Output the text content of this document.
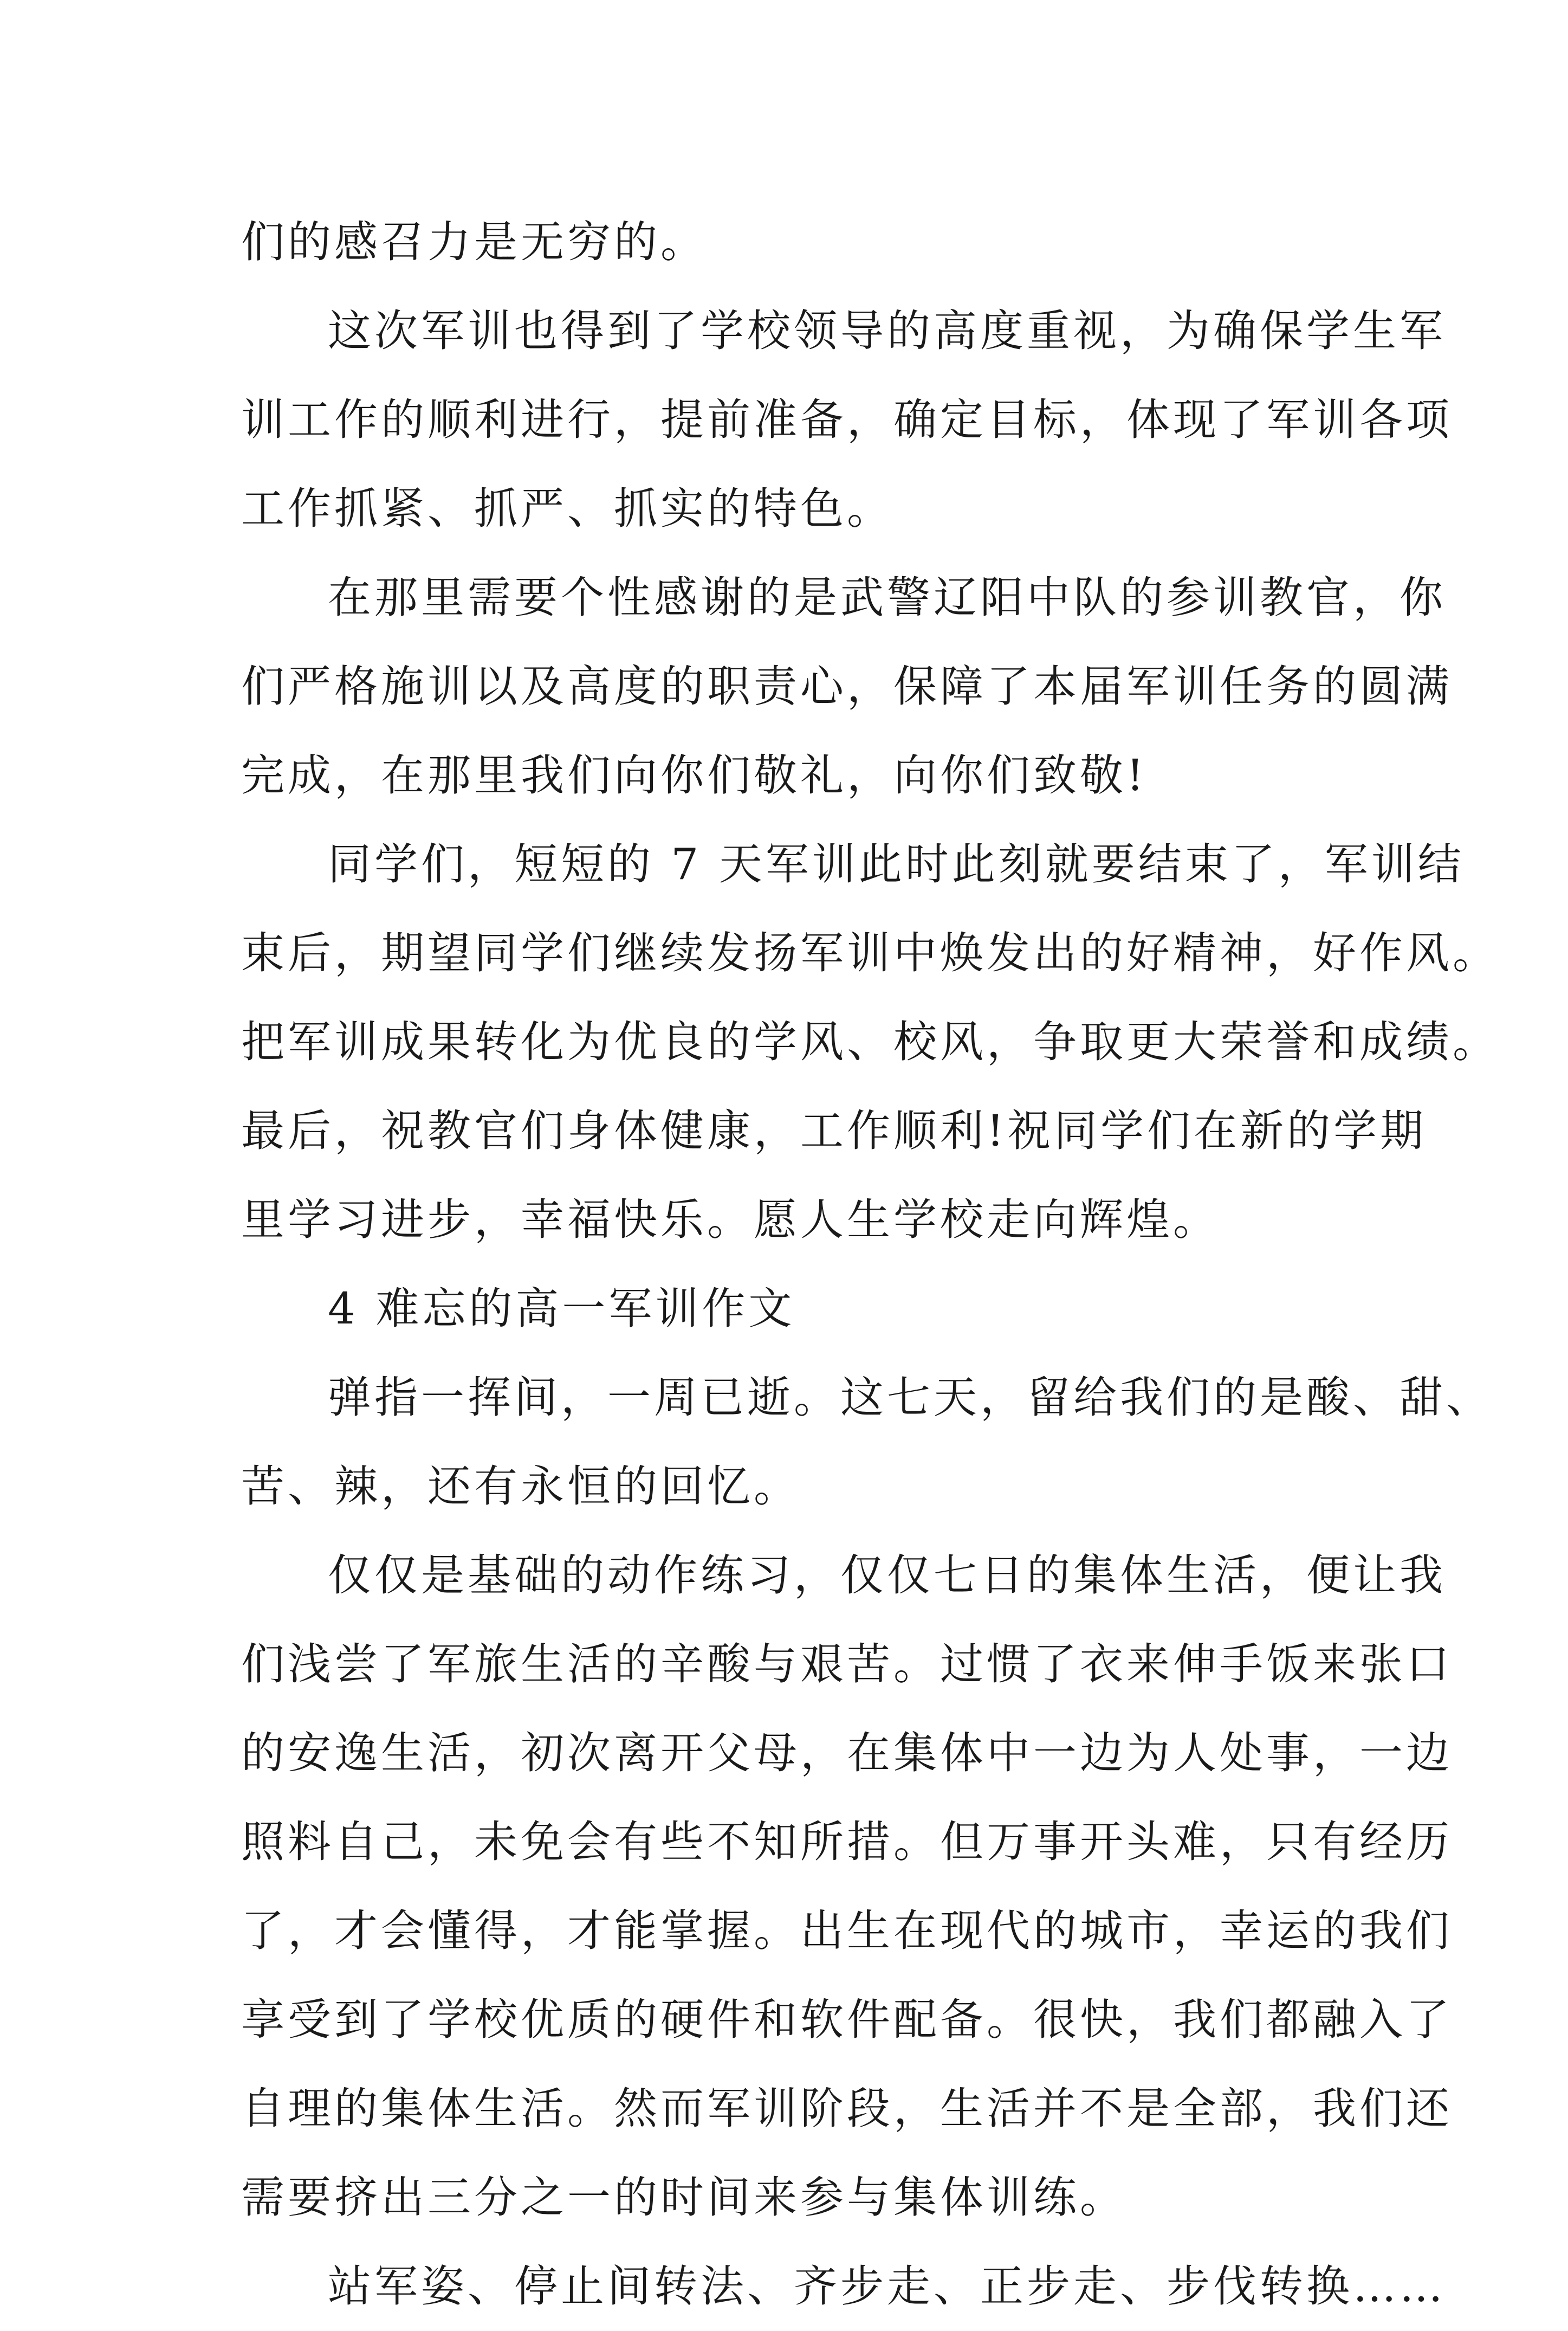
们的感召力是无穷的。
这次军训也得到了学校领导的高度重视，为确保学生军
训工作的顺利进行，提前准备，确定目标，体现了军训各项
工作抓紧、抓严、抓实的特色。
在那里需要个性感谢的是武警辽阳中队的参训教官，你
们严格施训以及高度的职责心，保障了本届军训任务的圆满
完成，在那里我们向你们敬礼，向你们致敬!
同学们，短短的 7 天军训此时此刻就要结束了，军训结
束后，期望同学们继续发扬军训中焕发出的好精神，好作风。
把军训成果转化为优良的学风、校风，争取更大荣誉和成绩。
最后，祝教官们身体健康，工作顺利!祝同学们在新的学期
里学习进步，幸福快乐。愿人生学校走向辉煌。
4 难忘的高一军训作文
弹指一挥间，一周已逝。这七天，留给我们的是酸、甜、
苦、辣，还有永恒的回忆。
仅仅是基础的动作练习，仅仅七日的集体生活，便让我
们浅尝了军旅生活的辛酸与艰苦。过惯了衣来伸手饭来张口
的安逸生活，初次离开父母，在集体中一边为人处事，一边
照料自己，未免会有些不知所措。但万事开头难，只有经历
了，才会懂得，才能掌握。出生在现代的城市，幸运的我们
享受到了学校优质的硬件和软件配备。很快，我们都融入了
自理的集体生活。然而军训阶段，生活并不是全部，我们还
需要挤出三分之一的时间来参与集体训练。
站军姿、停止间转法、齐步走、正步走、步伐转换……
